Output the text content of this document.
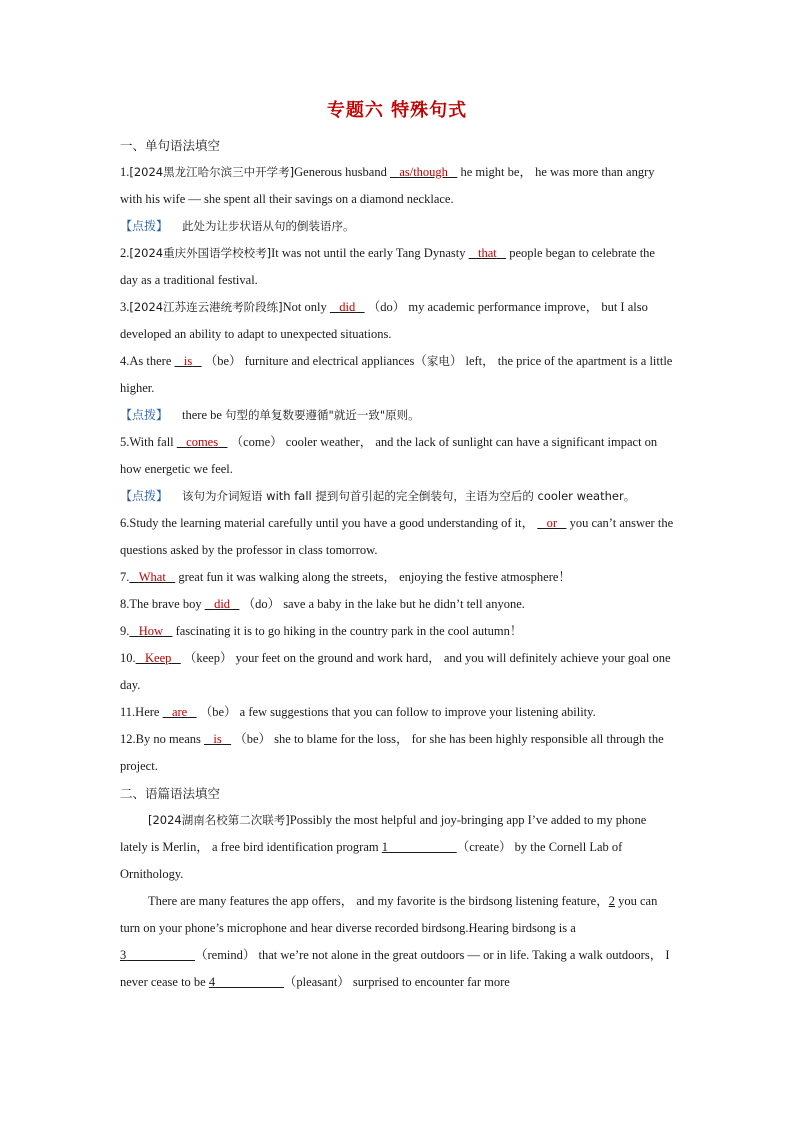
专题六 特殊句式

一、单句语法填空

1.[2024黑龙江哈尔滨三中开学考]Generous husband    as/though    he might be， he was more than angry with his wife — she spent all their savings on a diamond necklace.

【点拨】 此处为让步状语从句的倒装语序。

2.[2024重庆外国语学校校考]It was not until the early Tang Dynasty    that    people began to celebrate the day as a traditional festival.

3.[2024江苏连云港统考阶段练]Not only    did    （do） my academic performance improve， but I also developed an ability to adapt to unexpected situations.

4.As there    is    （be） furniture and electrical appliances（家电） left， the price of the apartment is a little higher.

【点拨】 there be 句型的单复数要遵循"就近一致"原则。

5.With fall    comes    （come） cooler weather， and the lack of sunlight can have a significant impact on how energetic we feel.

【点拨】 该句为介词短语 with fall 提到句首引起的完全倒装句，主语为空后的 cooler weather。

6.Study the learning material carefully until you have a good understanding of it，    or    you can’t answer the questions asked by the professor in class tomorrow.

7. What    great fun it was walking along the streets， enjoying the festive atmosphere！

8.The brave boy    did    （do） save a baby in the lake but he didn’t tell anyone.

9. How    fascinating it is to go hiking in the country park in the cool autumn！

10. Keep    （keep） your feet on the ground and work hard， and you will definitely achieve your goal one day.

11.Here    are    （be） a few suggestions that you can follow to improve your listening ability.

12.By no means    is    （be） she to blame for the loss， for she has been highly responsible all through the project.

二、语篇语法填空

[2024湖南名校第二次联考]Possibly the most helpful and joy-bringing app I’ve added to my phone lately is Merlin， a free bird identification program 1	（create） by the Cornell Lab of Ornithology.

There are many features the app offers， and my favorite is the birdsong listening feature，2 you can turn on your phone’s microphone and hear diverse recorded birdsong.Hearing birdsong is a 3	（remind） that we’re not alone in the great outdoors — or in life. Taking a walk outdoors， I never cease to be 4	（pleasant） surprised to encounter far more
